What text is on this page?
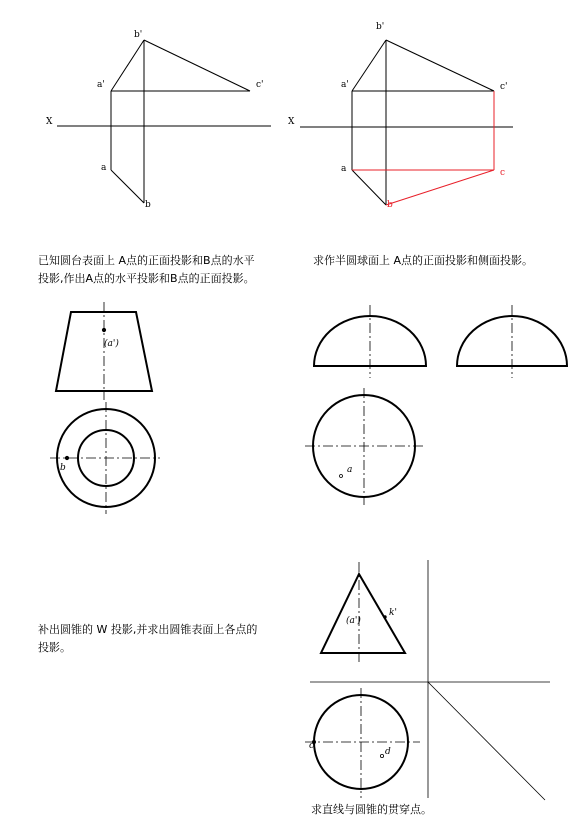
b'
a'	c'
X
a
b
b'
a'	c'
X
a
b
c
(a')
b	a
(a')
k'
c
d
已知圆台表面上 A点的正面投影和B点的水平
投影,作出A点的水平投影和B点的正面投影。
求作半圆球面上 A点的正面投影和侧面投影。
补出圆锥的 W 投影,并求出圆锥表面上各点的
投影。
求直线与圆锥的贯穿点。
